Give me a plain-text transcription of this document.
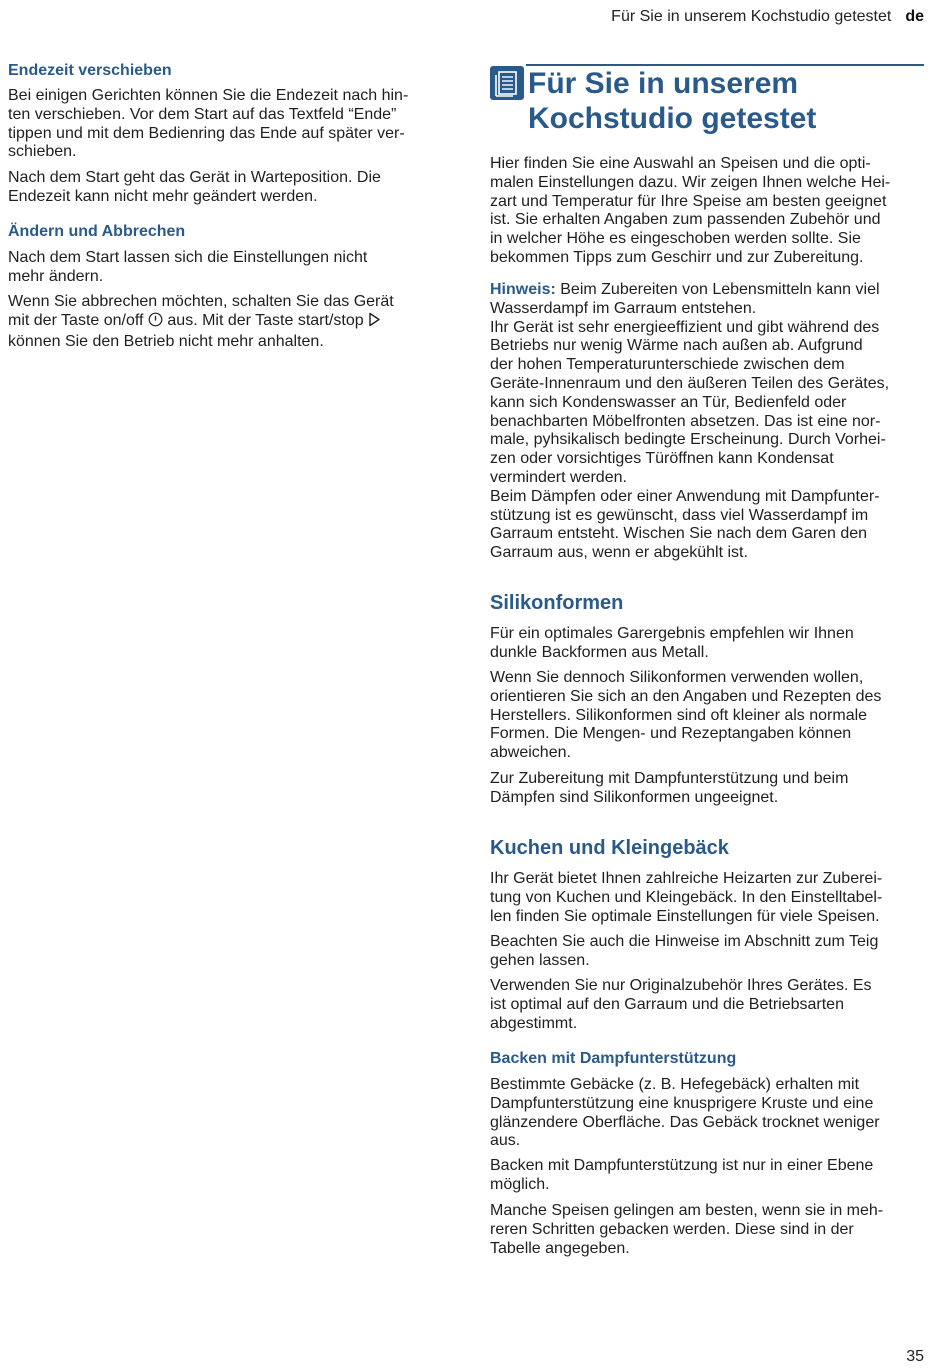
Für Sie in unserem Kochstudio getestet de
Endezeit verschieben

Bei einigen Gerichten können Sie die Endezeit nach hin-

ten verschieben. Vor dem Start auf das Textfeld “Ende”

tippen und mit dem Bedienring das Ende auf später ver-

schieben.

Nach dem Start geht das Gerät in Warteposition. Die

Endezeit kann nicht mehr geändert werden.

Ändern und Abbrechen

Nach dem Start lassen sich die Einstellungen nicht

mehr ändern.

Wenn Sie abbrechen möchten, schalten Sie das Gerät

mit der Taste on/off aus. Mit der Taste start/stop

können Sie den Betrieb nicht mehr anhalten.

Für Sie in unserem
Kochstudio getestet

Hier finden Sie eine Auswahl an Speisen und die opti-

malen Einstellungen dazu. Wir zeigen Ihnen welche Hei-

zart und Temperatur für Ihre Speise am besten geeignet

ist. Sie erhalten Angaben zum passenden Zubehör und

in welcher Höhe es eingeschoben werden sollte. Sie

bekommen Tipps zum Geschirr und zur Zubereitung.

Hinweis: Beim Zubereiten von Lebensmitteln kann viel

Wasserdampf im Garraum entstehen.

Ihr Gerät ist sehr energieeffizient und gibt während des

Betriebs nur wenig Wärme nach außen ab. Aufgrund

der hohen Temperaturunterschiede zwischen dem

Geräte-Innenraum und den äußeren Teilen des Gerätes,

kann sich Kondenswasser an Tür, Bedienfeld oder

benachbarten Möbelfronten absetzen. Das ist eine nor-

male, pyhsikalisch bedingte Erscheinung. Durch Vorhei-

zen oder vorsichtiges Türöffnen kann Kondensat

vermindert werden.

Beim Dämpfen oder einer Anwendung mit Dampfunter-

stützung ist es gewünscht, dass viel Wasserdampf im

Garraum entsteht. Wischen Sie nach dem Garen den

Garraum aus, wenn er abgekühlt ist.

Silikonformen

Für ein optimales Garergebnis empfehlen wir Ihnen

dunkle Backformen aus Metall.

Wenn Sie dennoch Silikonformen verwenden wollen,

orientieren Sie sich an den Angaben und Rezepten des

Herstellers. Silikonformen sind oft kleiner als normale

Formen. Die Mengen- und Rezeptangaben können

abweichen.

Zur Zubereitung mit Dampfunterstützung und beim

Dämpfen sind Silikonformen ungeeignet.

Kuchen und Kleingebäck

Ihr Gerät bietet Ihnen zahlreiche Heizarten zur Zuberei-

tung von Kuchen und Kleingebäck. In den Einstelltabel-

len finden Sie optimale Einstellungen für viele Speisen.

Beachten Sie auch die Hinweise im Abschnitt zum Teig

gehen lassen.

Verwenden Sie nur Originalzubehör Ihres Gerätes. Es

ist optimal auf den Garraum und die Betriebsarten

abgestimmt.

Backen mit Dampfunterstützung

Bestimmte Gebäcke (z. B. Hefegebäck) erhalten mit

Dampfunterstützung eine knusprigere Kruste und eine

glänzendere Oberfläche. Das Gebäck trocknet weniger

aus.

Backen mit Dampfunterstützung ist nur in einer Ebene

möglich.

Manche Speisen gelingen am besten, wenn sie in meh-

reren Schritten gebacken werden. Diese sind in der

Tabelle angegeben.

35
